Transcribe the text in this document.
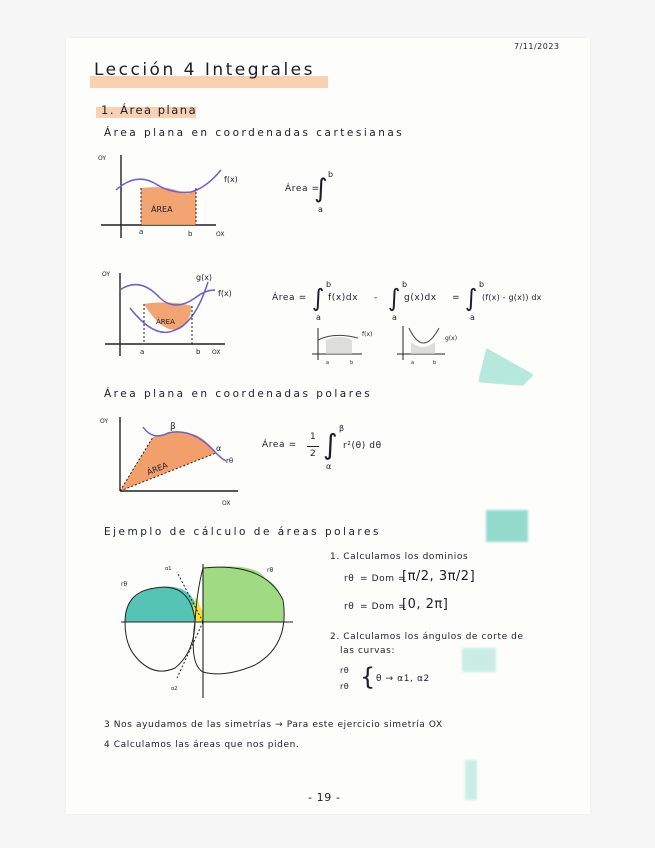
7/11/2023
Lección 4 Integrales
1. Área plana
Área plana en coordenadas cartesianas
OY
OX
ÁREA
f(x)
a	b
Área =
∫
b
a
OY
OX
ÁREA
f(x)
g(x)
a	b
Área = ∫
a
b
f(x)dx - ∫
a
b
g(x)dx = ∫
a
b
(f(x) - g(x)) dx
f(x)
a	b
g(x)
a	b
Área plana en coordenadas polares
OY
OX
ÁREA
β
α
rθ
Área =
1
2 ∫ β
α
r²(θ) dθ
Ejemplo de cálculo de áreas polares
rθ
rθ
α1
α2
1. Calculamos los dominios
rθ = Dom =
[π/2, 3π/2]
rθ = Dom =
[0, 2π]
2. Calculamos los ángulos de corte de
las curvas:
rθ
rθ { θ → α1, α2
3 Nos ayudamos de las simetrías → Para este ejercicio simetría OX
4 Calculamos las áreas que nos piden.
- 19 -
